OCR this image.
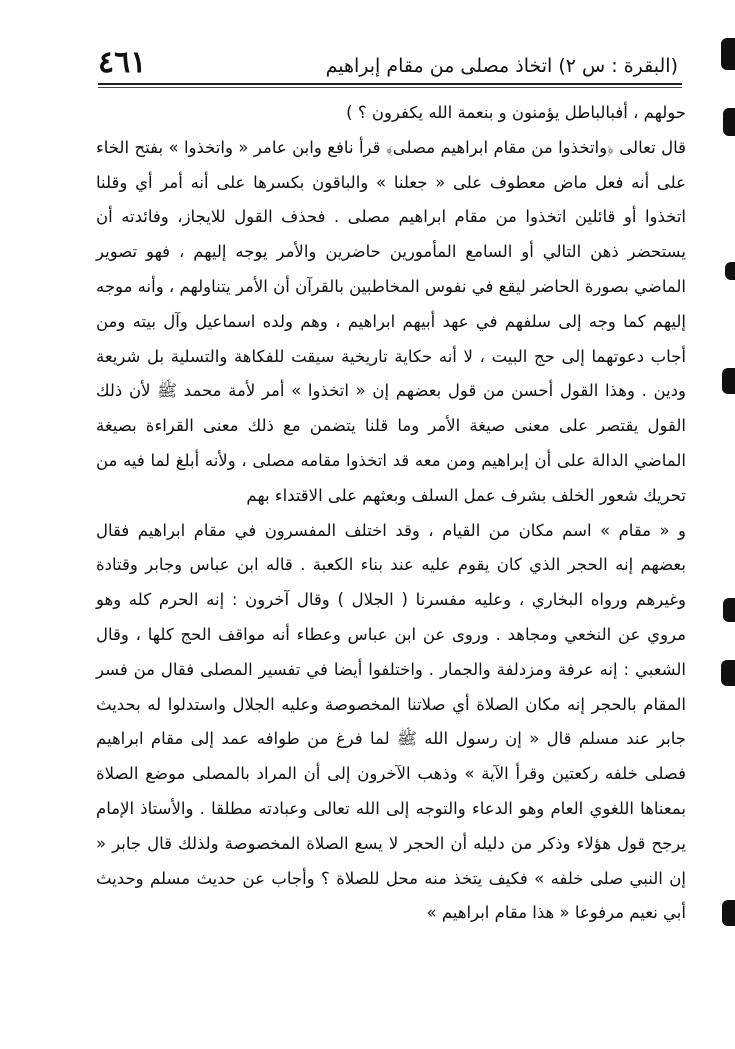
٤٦١	(البقرة : س ٢) اتخاذ مصلى من مقام إبراهيم

حولهم ، أفبالباطل يؤمنون و بنعمة الله يكفرون ؟ )

قال تعالى ﴿واتخذوا من مقام ابراهيم مصلى﴾ قرأ نافع وابن عامر « واتخذوا » بفتح الخاء على أنه فعل ماض معطوف على « جعلنا » والباقون بكسرها على أنه أمر أي وقلنا اتخذوا أو قائلين اتخذوا من مقام ابراهيم مصلى . فحذف القول للايجاز، وفائدته أن يستحضر ذهن التالي أو السامع المأمورين حاضرين والأمر يوجه إليهم ، فهو تصوير الماضي بصورة الحاضر ليقع في نفوس المخاطبين بالقرآن أن الأمر يتناولهم ، وأنه موجه إليهم كما وجه إلى سلفهم في عهد أبيهم ابراهيم ، وهم ولده اسماعيل وآل بيته ومن أجاب دعوتهما إلى حج البيت ، لا أنه حكاية تاريخية سيقت للفكاهة والتسلية بل شريعة ودين . وهذا القول أحسن من قول بعضهم إن « اتخذوا » أمر لأمة محمد ﷺ لأن ذلك القول يقتصر على معنى صيغة الأمر وما قلنا يتضمن مع ذلك معنى القراءة بصيغة الماضي الدالة على أن إبراهيم ومن معه قد اتخذوا مقامه مصلى ، ولأنه أبلغ لما فيه من تحريك شعور الخلف بشرف عمل السلف وبعثهم على الاقتداء بهم

و « مقام » اسم مكان من القيام ، وقد اختلف المفسرون في مقام ابراهيم فقال بعضهم إنه الحجر الذي كان يقوم عليه عند بناء الكعبة . قاله ابن عباس وجابر وقتادة وغيرهم ورواه البخاري ، وعليه مفسرنا ( الجلال ) وقال آخرون : إنه الحرم كله وهو مروي عن النخعي ومجاهد . وروى عن ابن عباس وعطاء أنه مواقف الحج كلها ، وقال الشعبي : إنه عرفة ومزدلفة والجمار . واختلفوا أيضا في تفسير المصلى فقال من فسر المقام بالحجر إنه مكان الصلاة أي صلاتنا المخصوصة وعليه الجلال واستدلوا له بحديث جابر عند مسلم قال « إن رسول الله ﷺ لما فرغ من طوافه عمد إلى مقام ابراهيم فصلى خلفه ركعتين وقرأ الآية » وذهب الآخرون إلى أن المراد بالمصلى موضع الصلاة بمعناها اللغوي العام وهو الدعاء والتوجه إلى الله تعالى وعبادته مطلقا . والأستاذ الإمام يرجح قول هؤلاء وذكر من دليله أن الحجر لا يسع الصلاة المخصوصة ولذلك قال جابر « إن النبي صلى خلفه » فكيف يتخذ منه محل للصلاة ؟ وأجاب عن حديث مسلم وحديث أبي نعيم مرفوعا « هذا مقام ابراهيم »
